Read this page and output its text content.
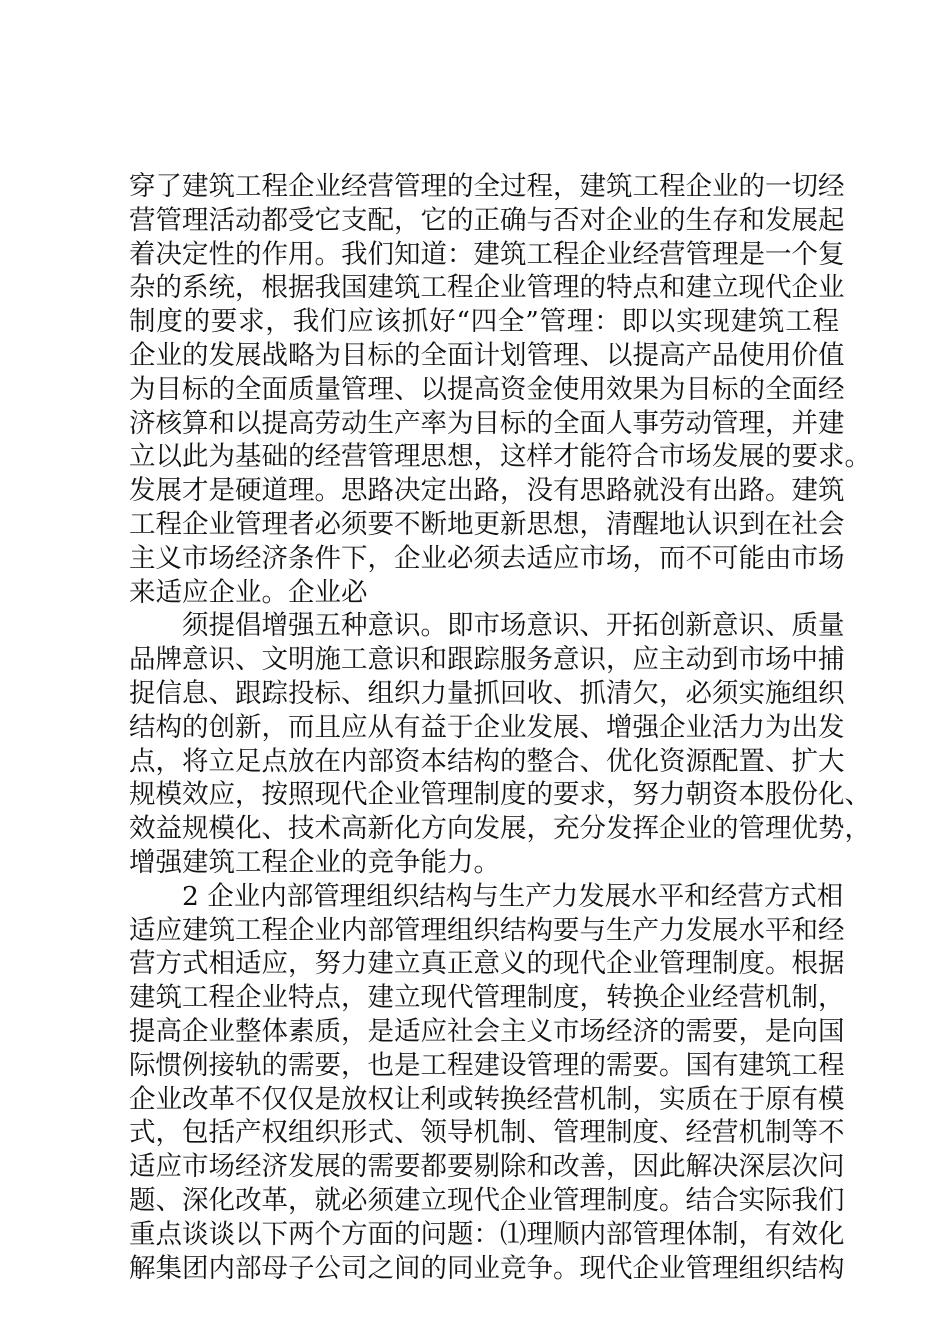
穿了建筑工程企业经营管理的全过程，建筑工程企业的一切经
营管理活动都受它支配，它的正确与否对企业的生存和发展起
着决定性的作用。我们知道：建筑工程企业经营管理是一个复
杂的系统，根据我国建筑工程企业管理的特点和建立现代企业
制度的要求，我们应该抓好“四全”管理：即以实现建筑工程
企业的发展战略为目标的全面计划管理、以提高产品使用价值
为目标的全面质量管理、以提高资金使用效果为目标的全面经
济核算和以提高劳动生产率为目标的全面人事劳动管理，并建
立以此为基础的经营管理思想，这样才能符合市场发展的要求。
发展才是硬道理。思路决定出路，没有思路就没有出路。建筑
工程企业管理者必须要不断地更新思想，清醒地认识到在社会
主义市场经济条件下，企业必须去适应市场，而不可能由市场
来适应企业。企业必
须提倡增强五种意识。即市场意识、开拓创新意识、质量
品牌意识、文明施工意识和跟踪服务意识，应主动到市场中捕
捉信息、跟踪投标、组织力量抓回收、抓清欠，必须实施组织
结构的创新，而且应从有益于企业发展、增强企业活力为出发
点，将立足点放在内部资本结构的整合、优化资源配置、扩大
规模效应，按照现代企业管理制度的要求，努力朝资本股份化、
效益规模化、技术高新化方向发展，充分发挥企业的管理优势，
增强建筑工程企业的竞争能力。
2 企业内部管理组织结构与生产力发展水平和经营方式相
适应建筑工程企业内部管理组织结构要与生产力发展水平和经
营方式相适应，努力建立真正意义的现代企业管理制度。根据
建筑工程企业特点，建立现代管理制度，转换企业经营机制，
提高企业整体素质，是适应社会主义市场经济的需要，是向国
际惯例接轨的需要，也是工程建设管理的需要。国有建筑工程
企业改革不仅仅是放权让利或转换经营机制，实质在于原有模
式，包括产权组织形式、领导机制、管理制度、经营机制等不
适应市场经济发展的需要都要剔除和改善，因此解决深层次问
题、深化改革，就必须建立现代企业管理制度。结合实际我们
重点谈谈以下两个方面的问题：⑴理顺内部管理体制，有效化
解集团内部母子公司之间的同业竞争。现代企业管理组织结构
